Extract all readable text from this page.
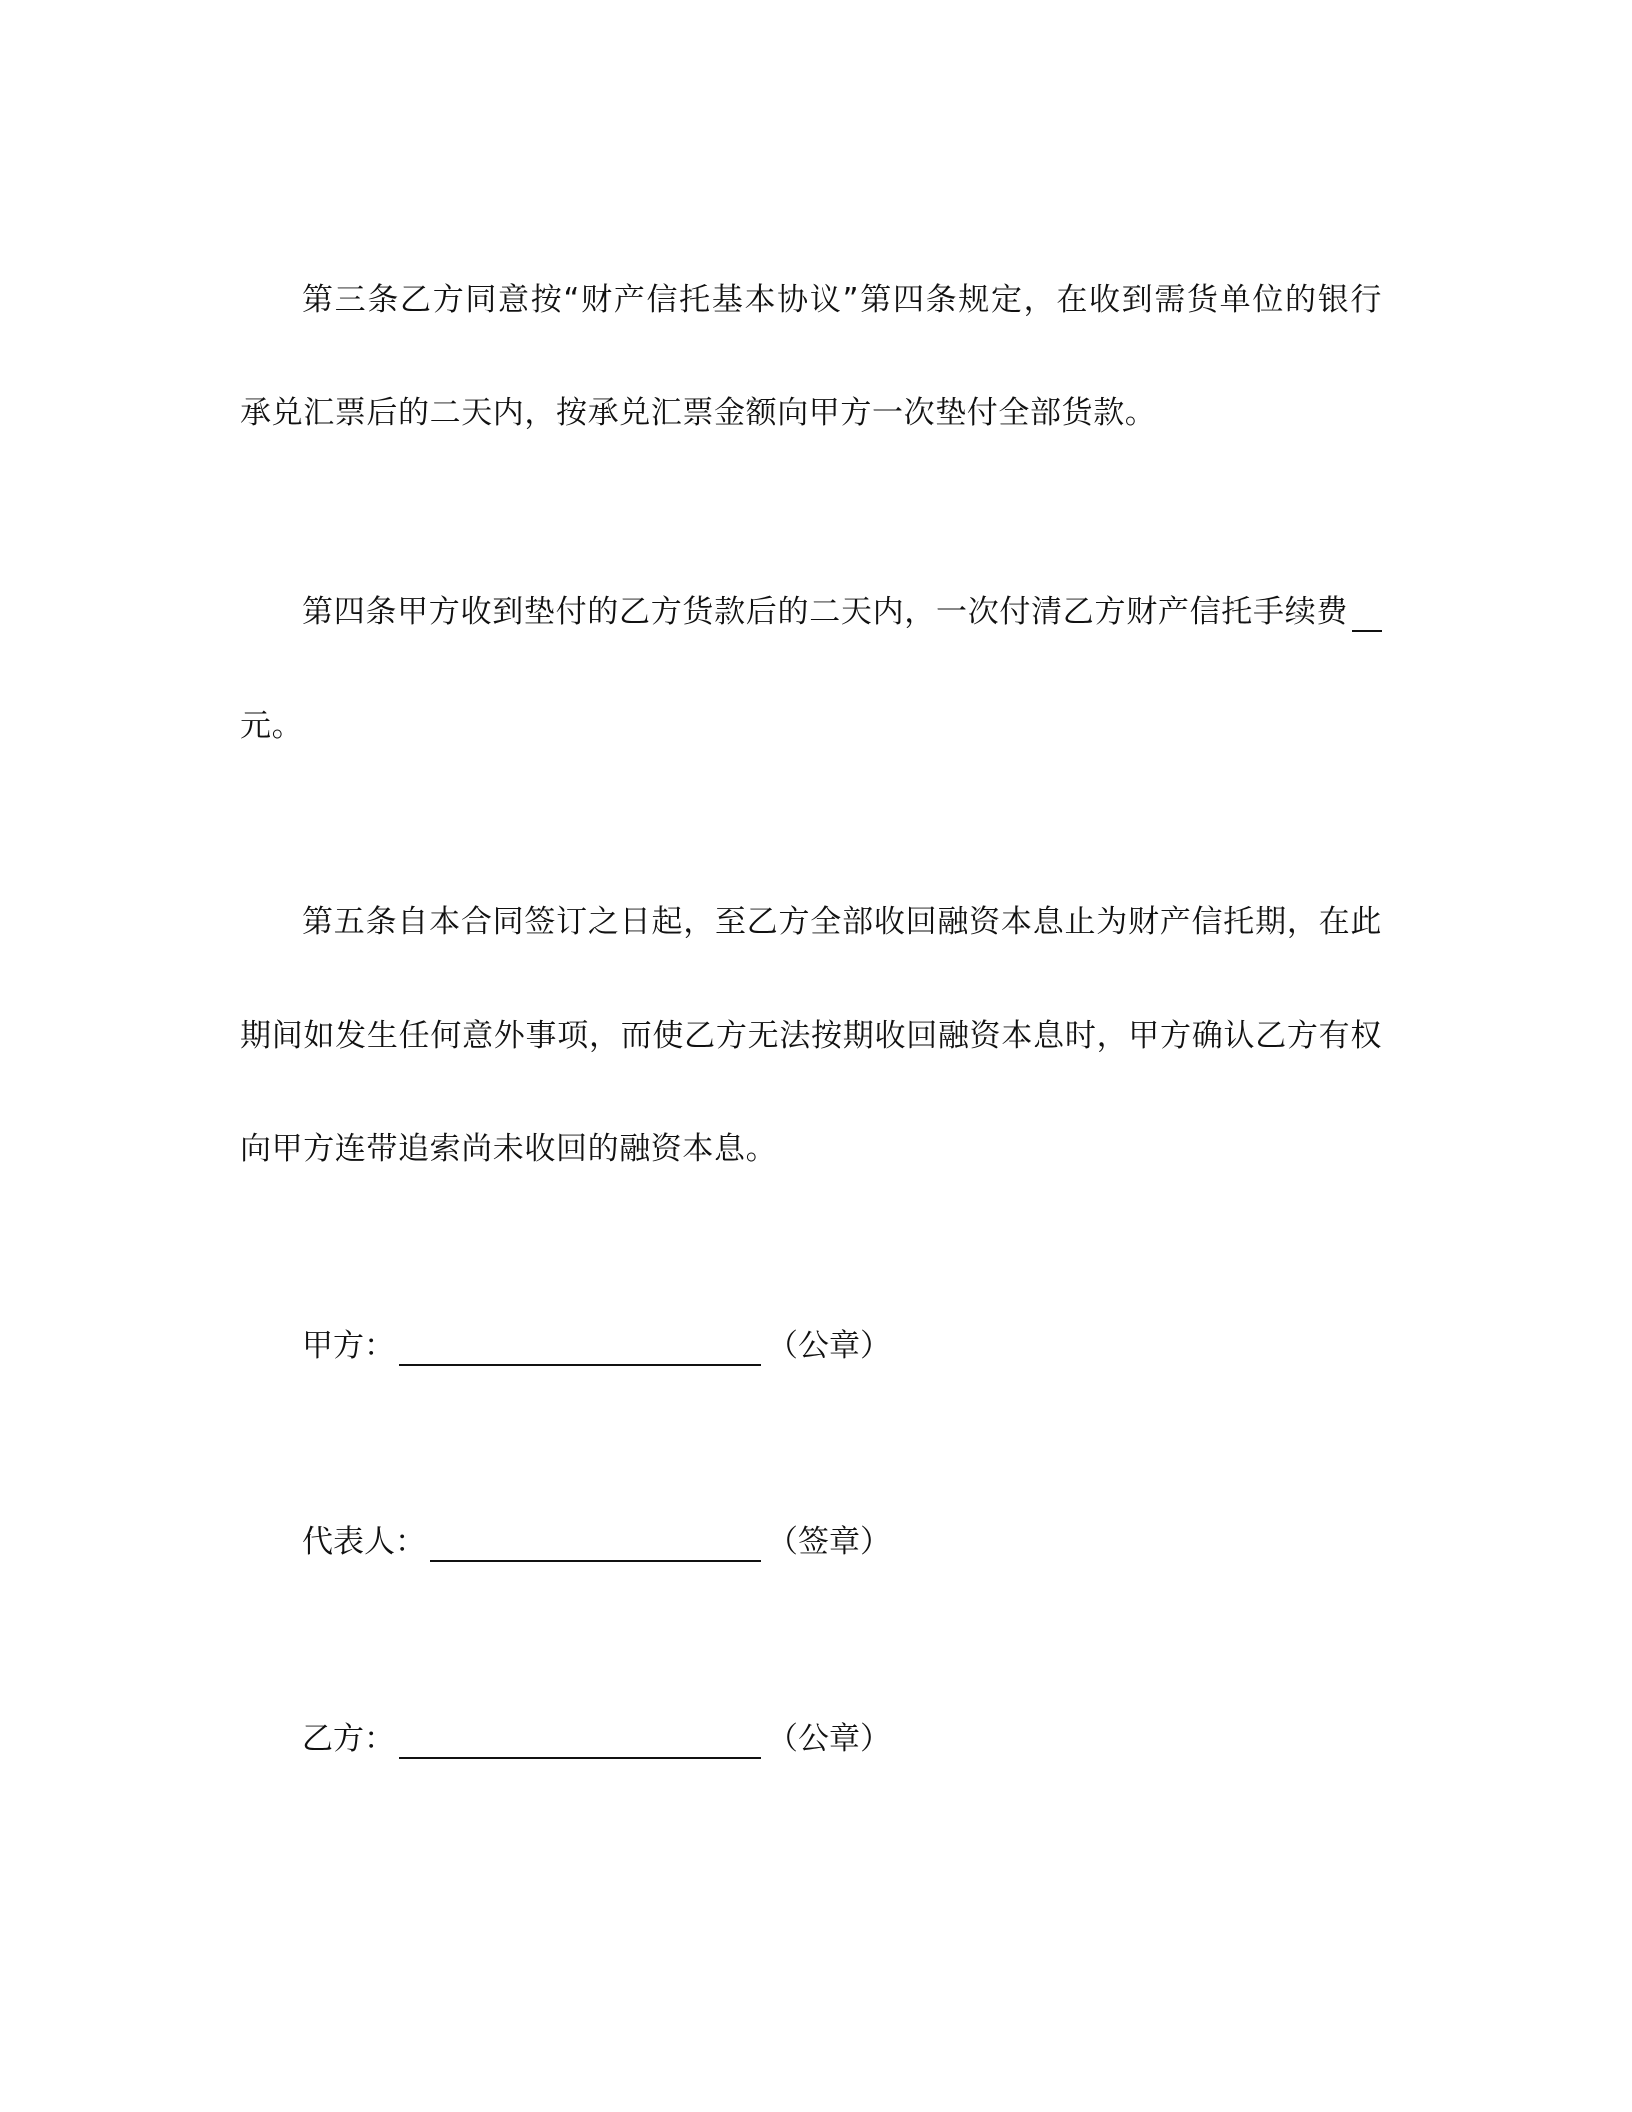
第三条乙方同意按“财产信托基本协议”第四条规定，在收到需货单位的银行
承兑汇票后的二天内，按承兑汇票金额向甲方一次垫付全部货款。
第四条甲方收到垫付的乙方货款后的二天内，一次付清乙方财产信托手续费
元。
第五条自本合同签订之日起，至乙方全部收回融资本息止为财产信托期，在此
期间如发生任何意外事项，而使乙方无法按期收回融资本息时，甲方确认乙方有权
向甲方连带追索尚未收回的融资本息。
甲方：	（公章）
代表人：	（签章）
乙方：	（公章）
